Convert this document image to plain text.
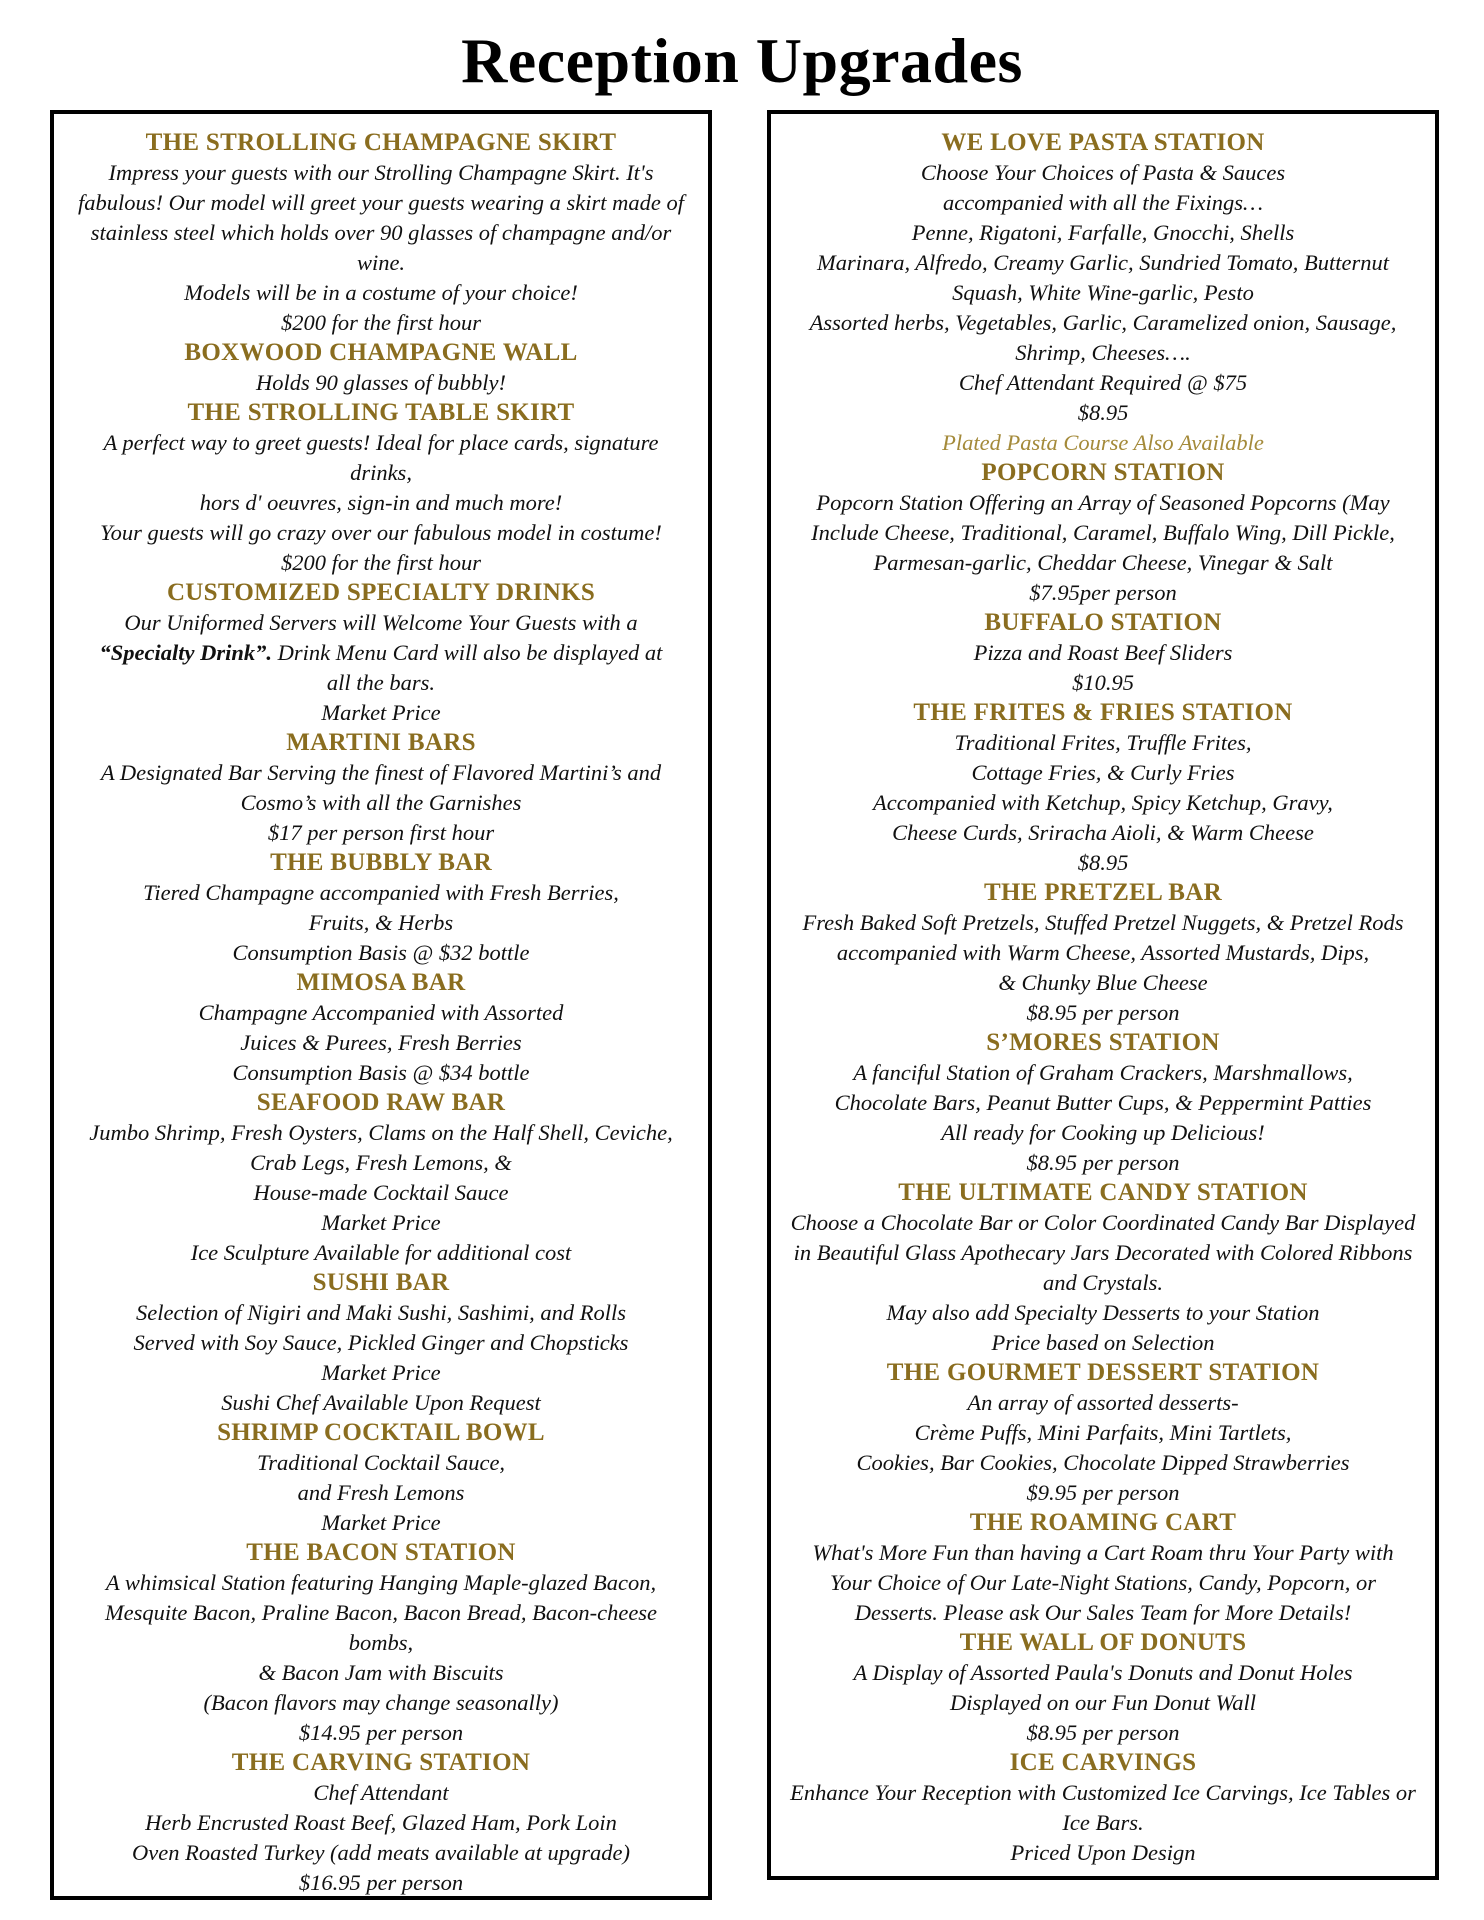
Reception Upgrades
THE STROLLING CHAMPAGNE SKIRT
Impress your guests with our Strolling Champagne Skirt. It's
fabulous! Our model will greet your guests wearing a skirt made of
stainless steel which holds over 90 glasses of champagne and/or wine.
Models will be in a costume of your choice!
$200 for the first hour
BOXWOOD CHAMPAGNE WALL
Holds 90 glasses of bubbly!
THE STROLLING TABLE SKIRT
A perfect way to greet guests! Ideal for place cards, signature drinks,
hors d' oeuvres, sign-in and much more!
Your guests will go crazy over our fabulous model in costume!
$200 for the first hour
CUSTOMIZED SPECIALTY DRINKS
Our Uniformed Servers will Welcome Your Guests with a
“Specialty Drink”. Drink Menu Card will also be displayed at
all the bars.
Market Price
MARTINI BARS
A Designated Bar Serving the finest of Flavored Martini’s and
Cosmo’s with all the Garnishes
$17 per person first hour
THE BUBBLY BAR
Tiered Champagne accompanied with Fresh Berries,
Fruits, & Herbs
Consumption Basis @ $32 bottle
MIMOSA BAR
Champagne Accompanied with Assorted
Juices & Purees, Fresh Berries
Consumption Basis @ $34 bottle
SEAFOOD RAW BAR
Jumbo Shrimp, Fresh Oysters, Clams on the Half Shell, Ceviche,
Crab Legs, Fresh Lemons, &
House-made Cocktail Sauce
Market Price
Ice Sculpture Available for additional cost
SUSHI BAR
Selection of Nigiri and Maki Sushi, Sashimi, and Rolls
Served with Soy Sauce, Pickled Ginger and Chopsticks
Market Price
Sushi Chef Available Upon Request
SHRIMP COCKTAIL BOWL
Traditional Cocktail Sauce,
and Fresh Lemons
Market Price
THE BACON STATION
A whimsical Station featuring Hanging Maple-glazed Bacon,
Mesquite Bacon, Praline Bacon, Bacon Bread, Bacon-cheese bombs,
& Bacon Jam with Biscuits
(Bacon flavors may change seasonally)
$14.95 per person
THE CARVING STATION
Chef Attendant
Herb Encrusted Roast Beef, Glazed Ham, Pork Loin
Oven Roasted Turkey (add meats available at upgrade)
$16.95 per person
WE LOVE PASTA STATION
Choose Your Choices of Pasta & Sauces
accompanied with all the Fixings…
Penne, Rigatoni, Farfalle, Gnocchi, Shells
Marinara, Alfredo, Creamy Garlic, Sundried Tomato, Butternut
Squash, White Wine-garlic, Pesto
Assorted herbs, Vegetables, Garlic, Caramelized onion, Sausage,
Shrimp, Cheeses….
Chef Attendant Required @ $75
$8.95
Plated Pasta Course Also Available
POPCORN STATION
Popcorn Station Offering an Array of Seasoned Popcorns (May
Include Cheese, Traditional, Caramel, Buffalo Wing, Dill Pickle,
Parmesan-garlic, Cheddar Cheese, Vinegar & Salt
$7.95per person
BUFFALO STATION
Pizza and Roast Beef Sliders
$10.95
THE FRITES & FRIES STATION
Traditional Frites, Truffle Frites,
Cottage Fries, & Curly Fries
Accompanied with Ketchup, Spicy Ketchup, Gravy,
Cheese Curds, Sriracha Aioli, & Warm Cheese
$8.95
THE PRETZEL BAR
Fresh Baked Soft Pretzels, Stuffed Pretzel Nuggets, & Pretzel Rods
accompanied with Warm Cheese, Assorted Mustards, Dips,
& Chunky Blue Cheese
$8.95 per person
S’MORES STATION
A fanciful Station of Graham Crackers, Marshmallows,
Chocolate Bars, Peanut Butter Cups, & Peppermint Patties
All ready for Cooking up Delicious!
$8.95 per person
THE ULTIMATE CANDY STATION
Choose a Chocolate Bar or Color Coordinated Candy Bar Displayed
in Beautiful Glass Apothecary Jars Decorated with Colored Ribbons
and Crystals.
May also add Specialty Desserts to your Station
Price based on Selection
THE GOURMET DESSERT STATION
An array of assorted desserts-
Crème Puffs, Mini Parfaits, Mini Tartlets,
Cookies, Bar Cookies, Chocolate Dipped Strawberries
$9.95 per person
THE ROAMING CART
What's More Fun than having a Cart Roam thru Your Party with
Your Choice of Our Late-Night Stations, Candy, Popcorn, or
Desserts. Please ask Our Sales Team for More Details!
THE WALL OF DONUTS
A Display of Assorted Paula's Donuts and Donut Holes
Displayed on our Fun Donut Wall
$8.95 per person
ICE CARVINGS
Enhance Your Reception with Customized Ice Carvings, Ice Tables or
Ice Bars.
Priced Upon Design
